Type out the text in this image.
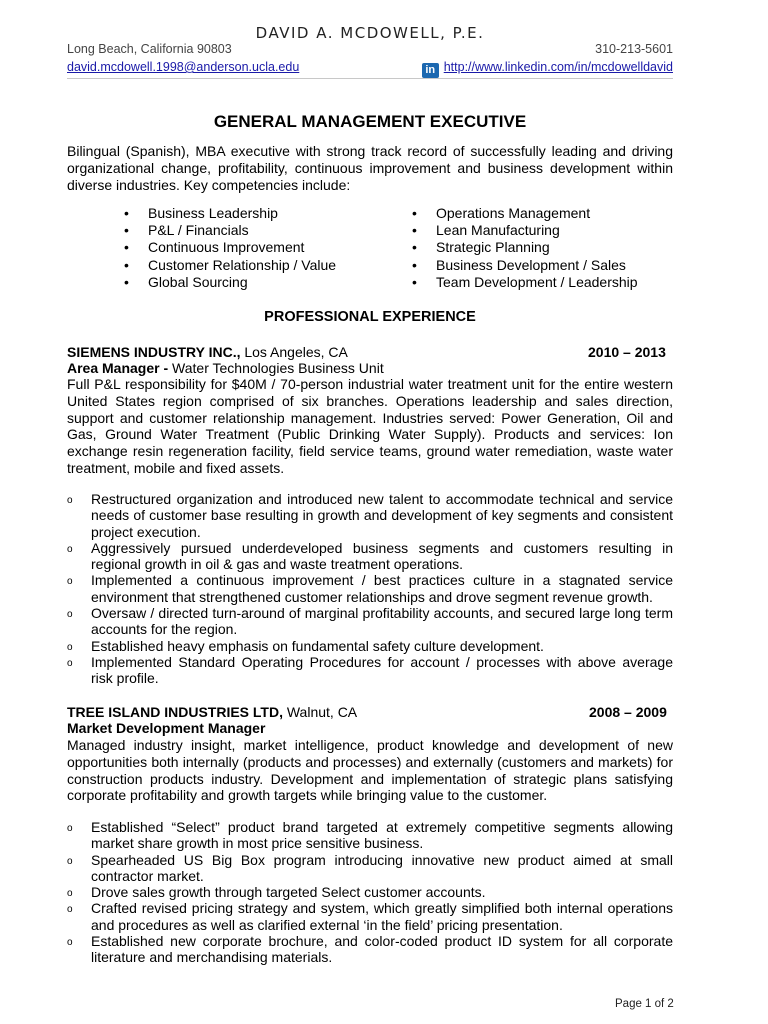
DAVID A. MCDOWELL, P.E.
Long Beach, California 90803	310-213-5601
david.mcdowell.1998@anderson.ucla.edu	in http://www.linkedin.com/in/mcdowelldavid
GENERAL MANAGEMENT EXECUTIVE

Bilingual (Spanish), MBA executive with strong track record of successfully leading and driving organizational change, profitability, continuous improvement and business development within diverse industries. Key competencies include:

• Business Leadership
• P&L / Financials
• Continuous Improvement
• Customer Relationship / Value
• Global Sourcing
• Operations Management
• Lean Manufacturing
• Strategic Planning
• Business Development / Sales
• Team Development / Leadership
PROFESSIONAL EXPERIENCE
SIEMENS INDUSTRY INC., Los Angeles, CA	2010 – 2013
Area Manager - Water Technologies Business Unit

Full P&L responsibility for $40M / 70-person industrial water treatment unit for the entire western United States region comprised of six branches. Operations leadership and sales direction, support and customer relationship management. Industries served: Power Generation, Oil and Gas, Ground Water Treatment (Public Drinking Water Supply). Products and services: Ion exchange resin regeneration facility, field service teams, ground water remediation, waste water treatment, mobile and fixed assets.

o Restructured organization and introduced new talent to accommodate technical and service needs of customer base resulting in growth and development of key segments and consistent project execution.
o Aggressively pursued underdeveloped business segments and customers resulting in regional growth in oil & gas and waste treatment operations.
o Implemented a continuous improvement / best practices culture in a stagnated service environment that strengthened customer relationships and drove segment revenue growth.
o Oversaw / directed turn-around of marginal profitability accounts, and secured large long term accounts for the region.
o Established heavy emphasis on fundamental safety culture development.
o Implemented Standard Operating Procedures for account / processes with above average risk profile.
TREE ISLAND INDUSTRIES LTD, Walnut, CA	2008 – 2009
Market Development Manager

Managed industry insight, market intelligence, product knowledge and development of new opportunities both internally (products and processes) and externally (customers and markets) for construction products industry. Development and implementation of strategic plans satisfying corporate profitability and growth targets while bringing value to the customer.

o Established “Select” product brand targeted at extremely competitive segments allowing market share growth in most price sensitive business.
o Spearheaded US Big Box program introducing innovative new product aimed at small contractor market.
o Drove sales growth through targeted Select customer accounts.
o Crafted revised pricing strategy and system, which greatly simplified both internal operations and procedures as well as clarified external ‘in the field’ pricing presentation.
o Established new corporate brochure, and color-coded product ID system for all corporate literature and merchandising materials.
Page 1 of 2
